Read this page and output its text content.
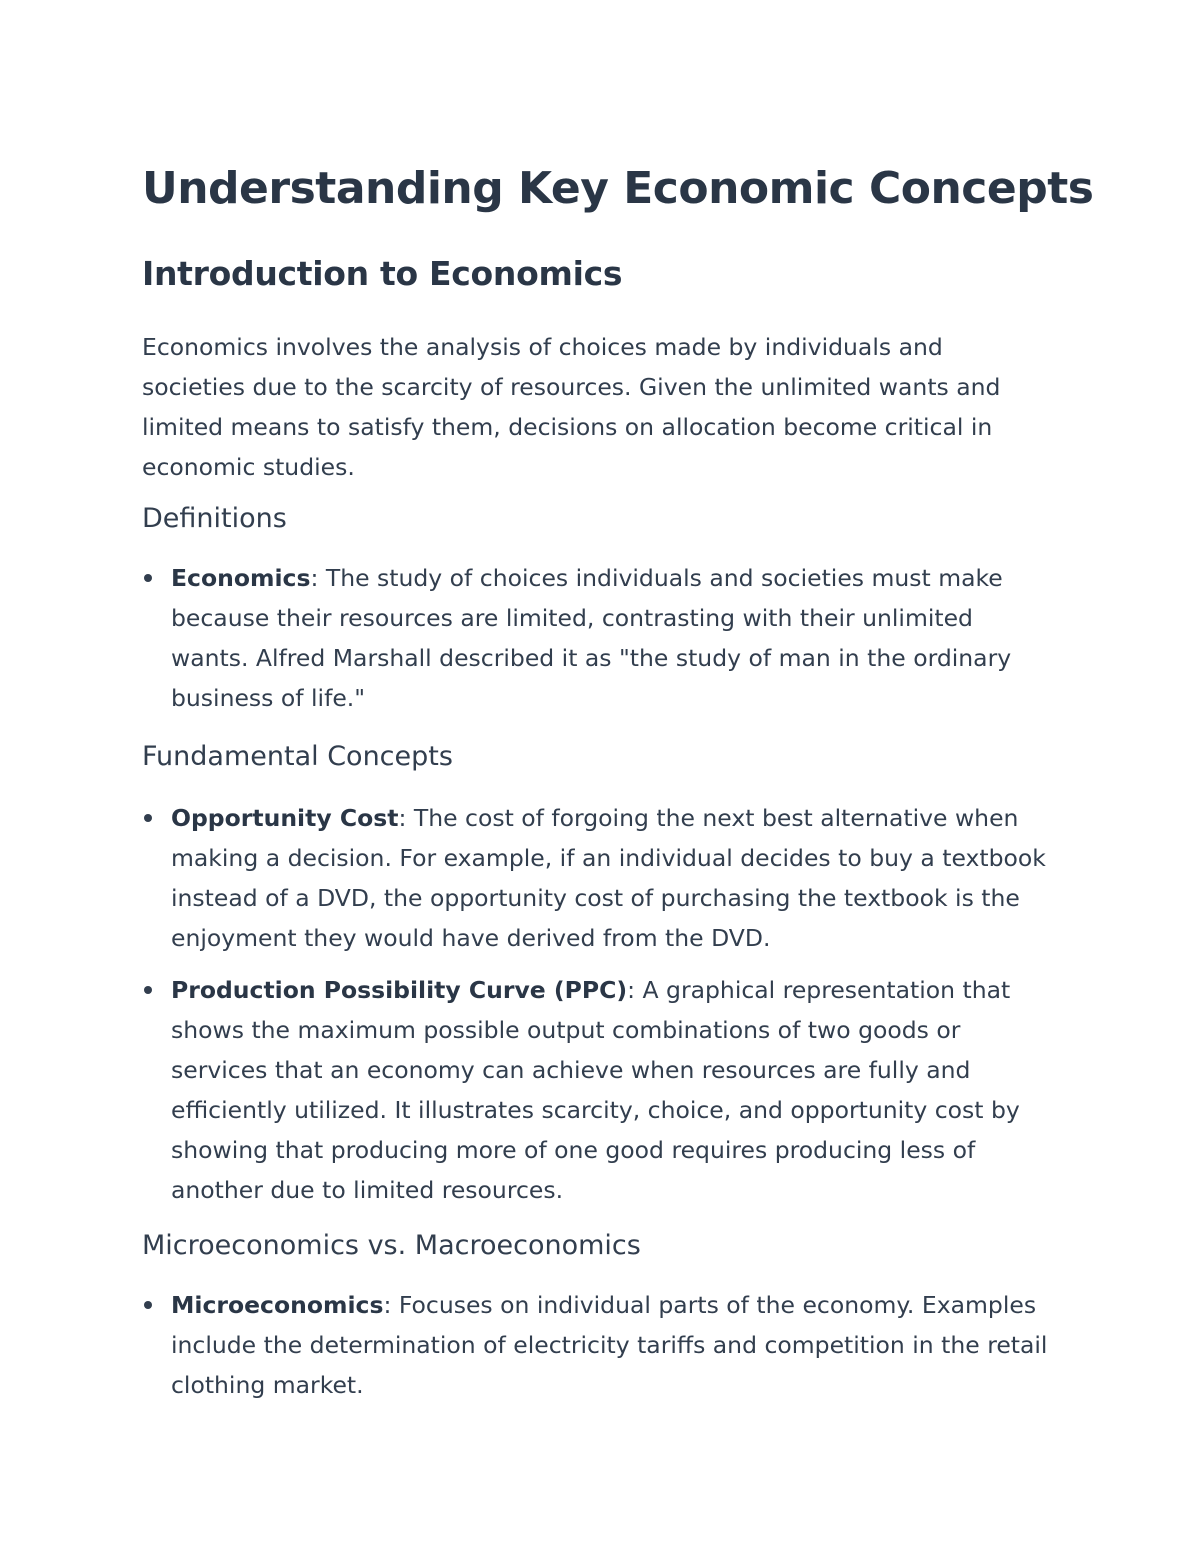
Understanding Key Economic Concepts
Introduction to Economics

Economics involves the analysis of choices made by individuals and societies due to the scarcity of resources. Given the unlimited wants and limited means to satisfy them, decisions on allocation become critical in economic studies.

Definitions
Economics: The study of choices individuals and societies must make because their resources are limited, contrasting with their unlimited wants. Alfred Marshall described it as "the study of man in the ordinary business of life."
Fundamental Concepts
Opportunity Cost: The cost of forgoing the next best alternative when making a decision. For example, if an individual decides to buy a textbook instead of a DVD, the opportunity cost of purchasing the textbook is the enjoyment they would have derived from the DVD.
Production Possibility Curve (PPC): A graphical representation that shows the maximum possible output combinations of two goods or services that an economy can achieve when resources are fully and efficiently utilized. It illustrates scarcity, choice, and opportunity cost by showing that producing more of one good requires producing less of another due to limited resources.
Microeconomics vs. Macroeconomics
Microeconomics: Focuses on individual parts of the economy. Examples include the determination of electricity tariffs and competition in the retail clothing market.
